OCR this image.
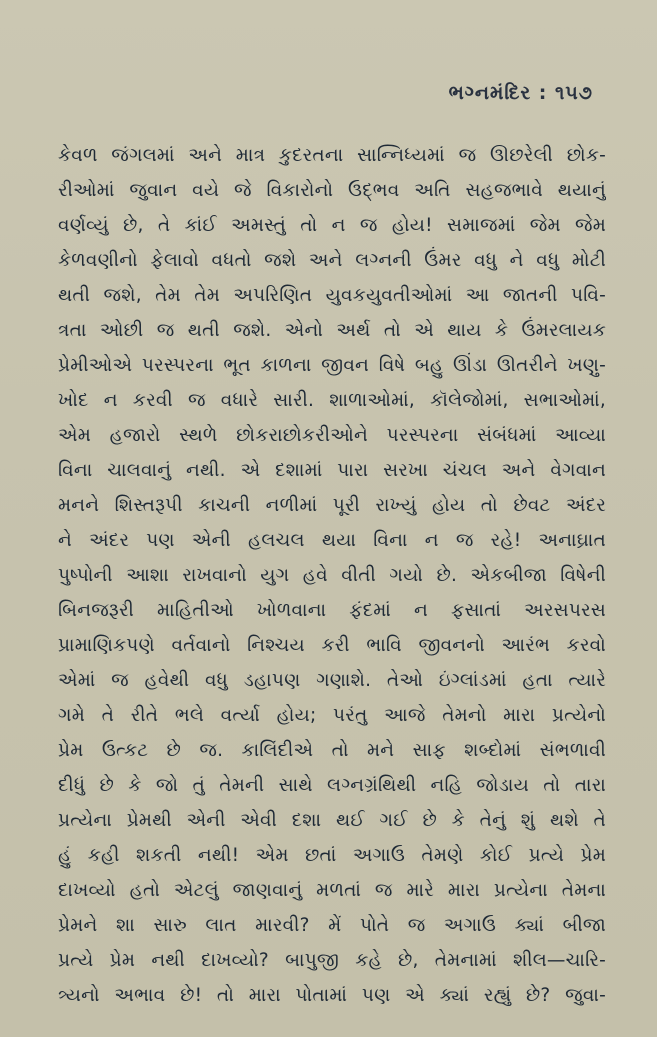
ભગ્નમંદિર : ૧૫૭
કેવળ જંગલમાં અને માત્ર કુદરતના સાન્નિધ્યમાં જ ઊછરેલી છોક-
રીઓમાં જુવાન વયે જે વિકારોનો ઉદ્ભવ અતિ સહજભાવે થયાનું
વર્ણવ્યું છે, તે કાંઈ અમસ્તું તો ન જ હોય! સમાજમાં જેમ જેમ
કેળવણીનો ફેલાવો વધતો જશે અને લગ્નની ઉંમર વધુ ને વધુ મોટી
થતી જશે, તેમ તેમ અપરિણિત યુવકયુવતીઓમાં આ જાતની પવિ-
ત્રતા ઓછી જ થતી જશે. એનો અર્થ તો એ થાય કે ઉંમરલાયક
પ્રેમીઓએ પરસ્પરના ભૂત કાળના જીવન વિષે બહુ ઊંડા ઊતરીને ખણુ-
ખોદ ન કરવી જ વધારે સારી. શાળાઓમાં, કૉલેજોમાં, સભાઓમાં,
એમ હજારો સ્થળે છોકરાછોકરીઓને પરસ્પરના સંબંધમાં આવ્યા
વિના ચાલવાનું નથી. એ દશામાં પારા સરખા ચંચલ અને વેગવાન
મનને શિસ્તરૂપી કાચની નળીમાં પૂરી રાખ્યું હોય તો છેવટ અંદર
ને અંદર પણ એની હલચલ થયા વિના ન જ રહે! અનાઘ્રાત
પુષ્પોની આશા રાખવાનો યુગ હવે વીતી ગયો છે. એકબીજા વિષેની
બિનજરૂરી માહિતીઓ ખોળવાના ફંદમાં ન ફસાતાં અરસપરસ
પ્રામાણિકપણે વર્તવાનો નિશ્ચય કરી ભાવિ જીવનનો આરંભ કરવો
એમાં જ હવેથી વધુ ડહાપણ ગણાશે. તેઓ ઇંગ્લાંડમાં હતા ત્યારે
ગમે તે રીતે ભલે વર્ત્યા હોય; પરંતુ આજે તેમનો મારા પ્રત્યેનો
પ્રેમ ઉત્કટ છે જ. કાલિંદીએ તો મને સાફ શબ્દોમાં સંભળાવી
દીધું છે કે જો તું તેમની સાથે લગ્નગ્રંથિથી નહિ જોડાય તો તારા
પ્રત્યેના પ્રેમથી એની એવી દશા થઈ ગઈ છે કે તેનું શું થશે તે
હું કહી શકતી નથી! એમ છતાં અગાઉ તેમણે કોઈ પ્રત્યે પ્રેમ
દાખવ્યો હતો એટલું જાણવાનું મળતાં જ મારે મારા પ્રત્યેના તેમના
પ્રેમને શા સારુ લાત મારવી? મેં પોતે જ અગાઉ ક્યાં બીજા
પ્રત્યે પ્રેમ નથી દાખવ્યો? બાપુજી કહે છે, તેમનામાં શીલ—ચારિ-
ત્ર્યનો અભાવ છે! તો મારા પોતામાં પણ એ ક્યાં રહ્યું છે? જુવા-
